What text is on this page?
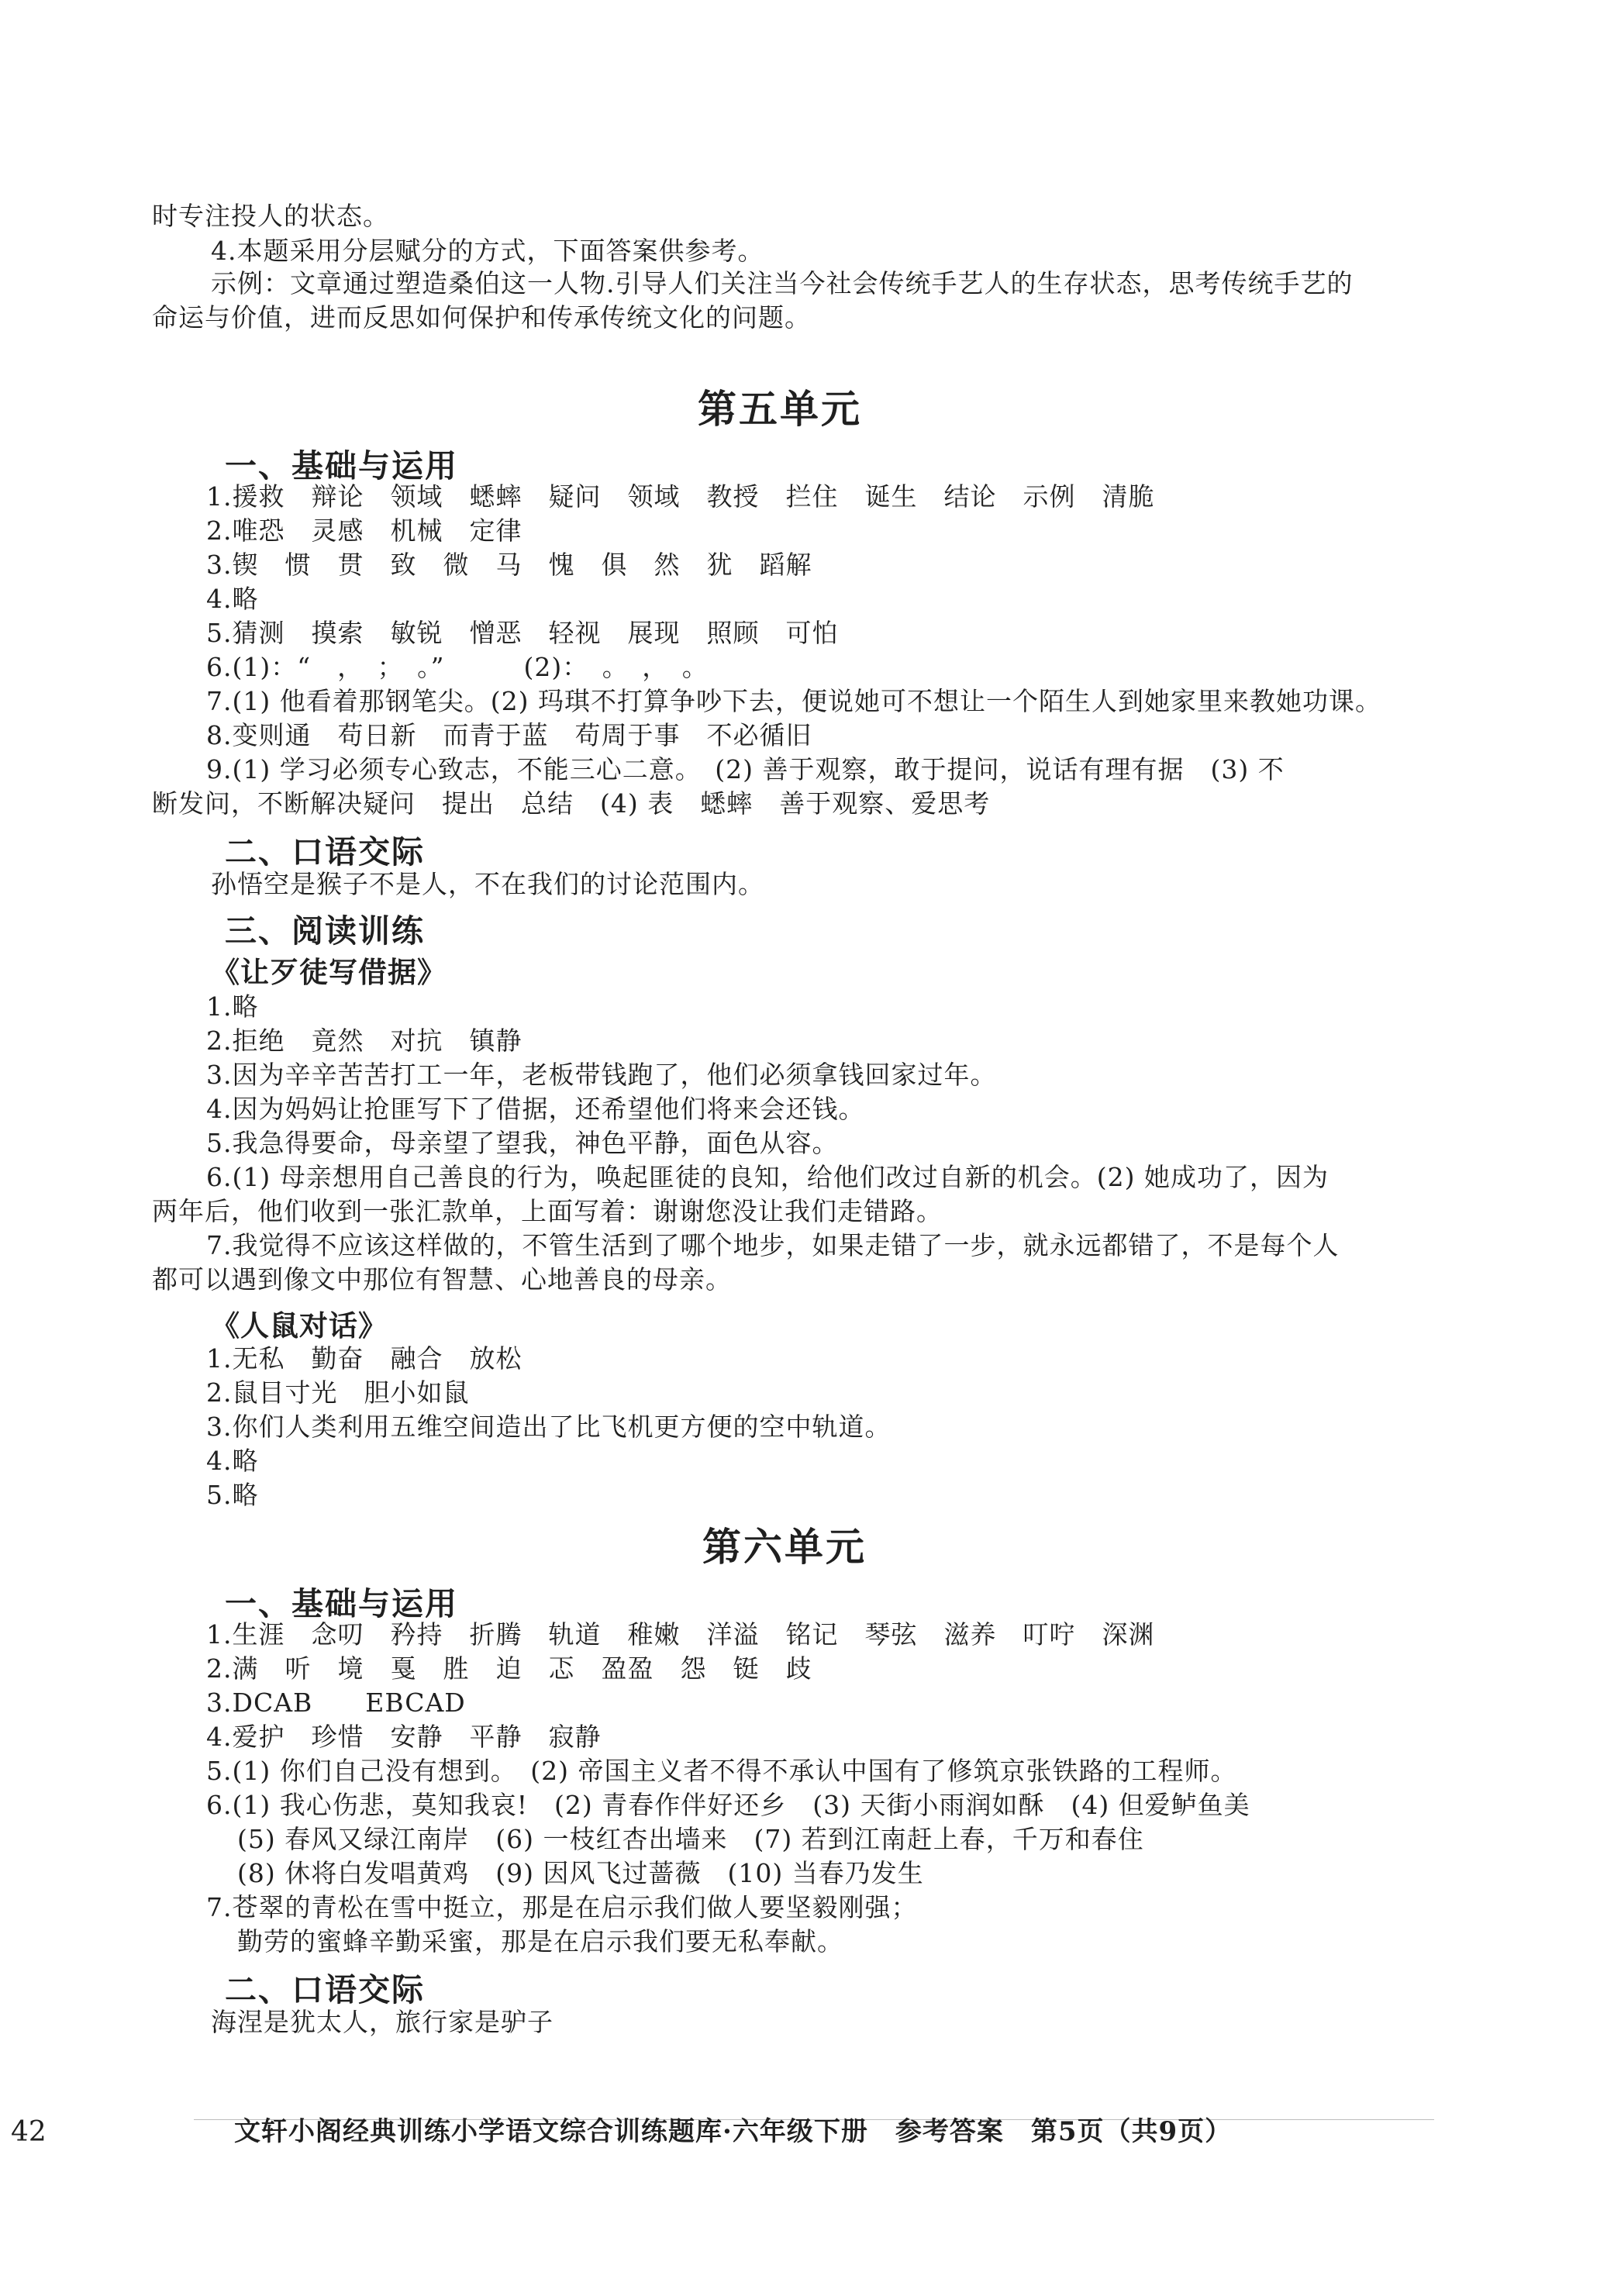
时专注投人的状态。
4.本题采用分层赋分的方式，下面答案供参考。
示例：文章通过塑造桑伯这一人物.引导人们关注当今社会传统手艺人的生存状态，思考传统手艺的
命运与价值，进而反思如何保护和传承传统文化的问题。
第五单元
一、基础与运用
1.援救　辩论　领域　蟋蟀　疑问　领域　教授　拦住　诞生　结论　示例　清脆
2.唯恐　灵感　机械　定律
3.锲　惯　贯　致　微　马　愧　俱　然　犹　蹈解
4.略
5.猜测　摸索　敏锐　憎恶　轻视　展现　照顾　可怕
6.(1)：“　，　；　。”　　　(2)：　。　，　。
7.(1) 他看着那钢笔尖。(2) 玛琪不打算争吵下去，便说她可不想让一个陌生人到她家里来教她功课。
8.变则通　苟日新　而青于蓝　苟周于事　不必循旧
9.(1) 学习必须专心致志，不能三心二意。　(2) 善于观察，敢于提问，说话有理有据　(3) 不
断发问，不断解决疑问　提出　总结　(4) 表　蟋蟀　善于观察、爱思考
二、口语交际
孙悟空是猴子不是人，不在我们的讨论范围内。
三、阅读训练
《让歹徒写借据》
1.略
2.拒绝　竟然　对抗　镇静
3.因为辛辛苦苦打工一年，老板带钱跑了，他们必须拿钱回家过年。
4.因为妈妈让抢匪写下了借据，还希望他们将来会还钱。
5.我急得要命，母亲望了望我，神色平静，面色从容。
6.(1) 母亲想用自己善良的行为，唤起匪徒的良知，给他们改过自新的机会。(2) 她成功了，因为
两年后，他们收到一张汇款单，上面写着：谢谢您没让我们走错路。
7.我觉得不应该这样做的，不管生活到了哪个地步，如果走错了一步，就永远都错了，不是每个人
都可以遇到像文中那位有智慧、心地善良的母亲。
《人鼠对话》
1.无私　勤奋　融合　放松
2.鼠目寸光　胆小如鼠
3.你们人类利用五维空间造出了比飞机更方便的空中轨道。
4.略
5.略
第六单元
一、基础与运用
1.生涯　念叨　矜持　折腾　轨道　稚嫩　洋溢　铭记　琴弦　滋养　叮咛　深渊
2.满　听　境　戛　胜　迫　忑　盈盈　怨　铤　歧
3.DCAB　　EBCAD
4.爱护　珍惜　安静　平静　寂静
5.(1) 你们自己没有想到。　(2) 帝国主义者不得不承认中国有了修筑京张铁路的工程师。
6.(1) 我心伤悲，莫知我哀!　(2) 青春作伴好还乡　(3) 天街小雨润如酥　(4) 但爱鲈鱼美
(5) 春风又绿江南岸　(6) 一枝红杏出墙来　(7) 若到江南赶上春，千万和春住
(8) 休将白发唱黄鸡　(9) 因风飞过蔷薇　(10) 当春乃发生
7.苍翠的青松在雪中挺立，那是在启示我们做人要坚毅刚强；
勤劳的蜜蜂辛勤采蜜，那是在启示我们要无私奉献。
二、口语交际
海涅是犹太人，旅行家是驴子
42	文轩小阁经典训练小学语文综合训练题库·六年级下册　参考答案　第5页（共9页）
